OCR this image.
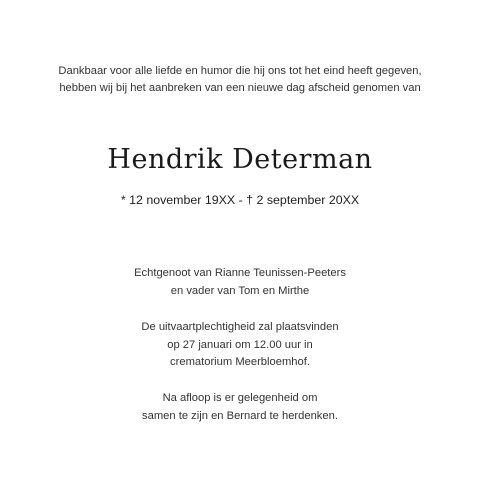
Dankbaar voor alle liefde en humor die hij ons tot het eind heeft gegeven,
hebben wij bij het aanbreken van een nieuwe dag afscheid genomen van
Hendrik Determan
* 12 november 19XX - † 2 september 20XX
Echtgenoot van Rianne Teunissen-Peeters
en vader van Tom en Mirthe
De uitvaartplechtigheid zal plaatsvinden
op 27 januari om 12.00 uur in
crematorium Meerbloemhof.
Na afloop is er gelegenheid om
samen te zijn en Bernard te herdenken.
